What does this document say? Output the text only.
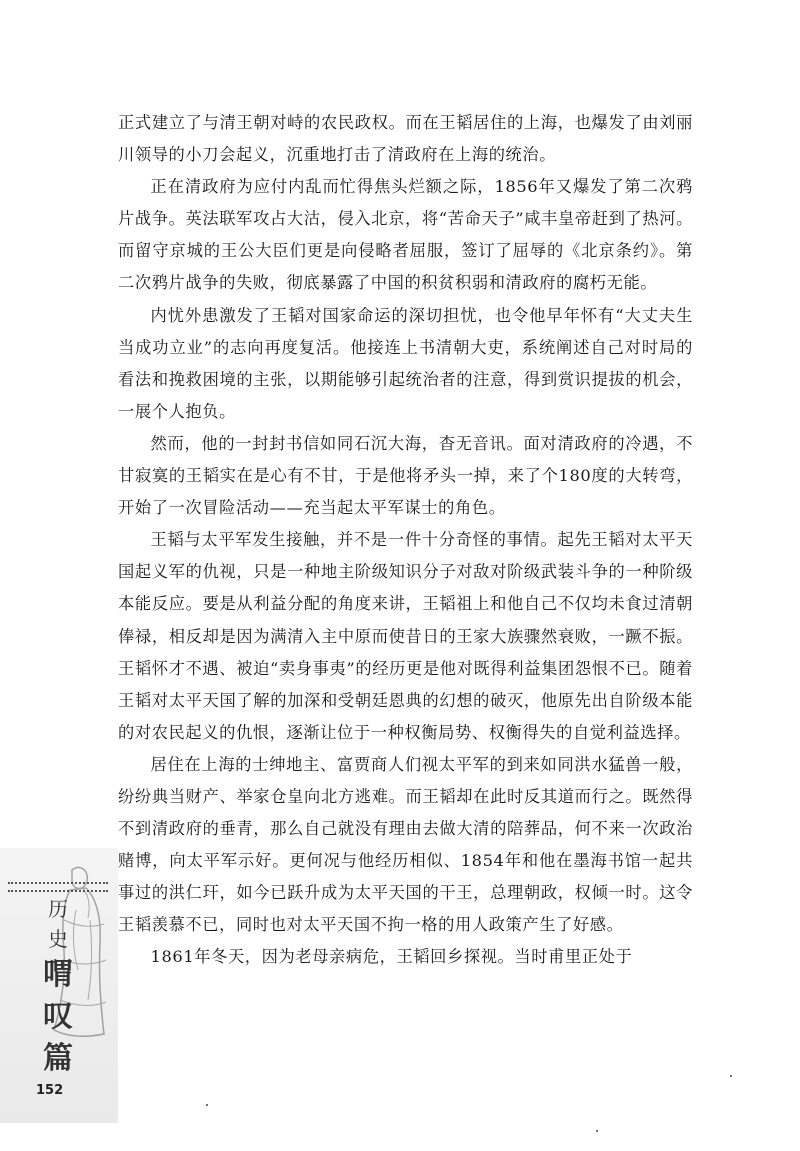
正式建立了与清王朝对峙的农民政权。而在王韬居住的上海，也爆发了由刘丽川领导的小刀会起义，沉重地打击了清政府在上海的统治。

正在清政府为应付内乱而忙得焦头烂额之际，1856年又爆发了第二次鸦片战争。英法联军攻占大沽，侵入北京，将“苦命天子”咸丰皇帝赶到了热河。而留守京城的王公大臣们更是向侵略者屈服，签订了屈辱的《北京条约》。第二次鸦片战争的失败，彻底暴露了中国的积贫积弱和清政府的腐朽无能。

内忧外患激发了王韬对国家命运的深切担忧，也令他早年怀有“大丈夫生当成功立业”的志向再度复活。他接连上书清朝大吏，系统阐述自己对时局的看法和挽救困境的主张，以期能够引起统治者的注意，得到赏识提拔的机会，一展个人抱负。

然而，他的一封封书信如同石沉大海，杳无音讯。面对清政府的冷遇，不甘寂寞的王韬实在是心有不甘，于是他将矛头一掉，来了个180度的大转弯，开始了一次冒险活动——充当起太平军谋士的角色。

王韬与太平军发生接触，并不是一件十分奇怪的事情。起先王韬对太平天国起义军的仇视，只是一种地主阶级知识分子对敌对阶级武装斗争的一种阶级本能反应。要是从利益分配的角度来讲，王韬祖上和他自己不仅均未食过清朝俸禄，相反却是因为满清入主中原而使昔日的王家大族骤然衰败，一蹶不振。王韬怀才不遇、被迫“卖身事夷”的经历更是他对既得利益集团怨恨不已。随着王韬对太平天国了解的加深和受朝廷恩典的幻想的破灭，他原先出自阶级本能的对农民起义的仇恨，逐渐让位于一种权衡局势、权衡得失的自觉利益选择。

居住在上海的士绅地主、富贾商人们视太平军的到来如同洪水猛兽一般，纷纷典当财产、举家仓皇向北方逃难。而王韬却在此时反其道而行之。既然得不到清政府的垂青，那么自己就没有理由去做大清的陪葬品，何不来一次政治赌博，向太平军示好。更何况与他经历相似、1854年和他在墨海书馆一起共事过的洪仁玕，如今已跃升成为太平天国的干王，总理朝政，权倾一时。这令王韬羡慕不已，同时也对太平天国不拘一格的用人政策产生了好感。

1861年冬天，因为老母亲病危，王韬回乡探视。当时甫里正处于

历
史
喟
叹
篇
152
